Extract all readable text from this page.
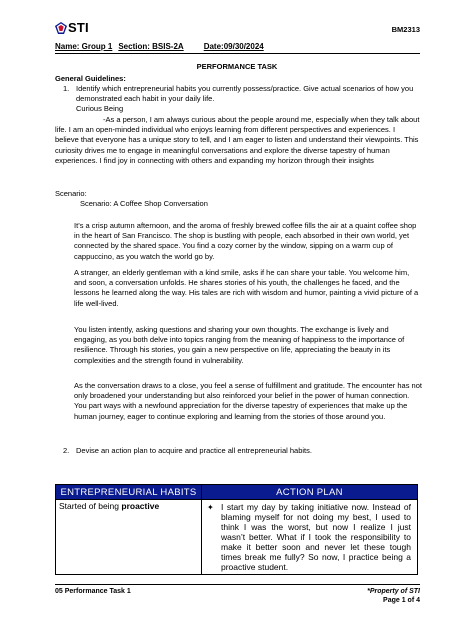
STI	BM2313
Name: Group 1 Section: BSIS-2A	Date:09/30/2024
PERFORMANCE TASK
General Guidelines:
1. Identify which entrepreneurial habits you currently possess/practice. Give actual scenarios of how you demonstrated each habit in your daily life.
Curious Being
-As a person, I am always curious about the people around me, especially when they talk about life. I am an open-minded individual who enjoys learning from different perspectives and experiences. I believe that everyone has a unique story to tell, and I am eager to listen and understand their viewpoints. This curiosity drives me to engage in meaningful conversations and explore the diverse tapestry of human experiences. I find joy in connecting with others and expanding my horizon through their insights
Scenario:
Scenario: A Coffee Shop Conversation
It’s a crisp autumn afternoon, and the aroma of freshly brewed coffee fills the air at a quaint coffee shop in the heart of San Francisco. The shop is bustling with people, each absorbed in their own world, yet connected by the shared space. You find a cozy corner by the window, sipping on a warm cup of cappuccino, as you watch the world go by.
A stranger, an elderly gentleman with a kind smile, asks if he can share your table. You welcome him, and soon, a conversation unfolds. He shares stories of his youth, the challenges he faced, and the lessons he learned along the way. His tales are rich with wisdom and humor, painting a vivid picture of a life well-lived.
You listen intently, asking questions and sharing your own thoughts. The exchange is lively and engaging, as you both delve into topics ranging from the meaning of happiness to the importance of resilience. Through his stories, you gain a new perspective on life, appreciating the beauty in its complexities and the strength found in vulnerability.
As the conversation draws to a close, you feel a sense of fulfillment and gratitude. The encounter has not only broadened your understanding but also reinforced your belief in the power of human connection. You part ways with a newfound appreciation for the diverse tapestry of experiences that make up the human journey, eager to continue exploring and learning from the stories of those around you.
2. Devise an action plan to acquire and practice all entrepreneurial habits.
ENTREPRENEURIAL HABITS	ACTION PLAN
Started of being proactive	✦ I start my day by taking initiative now. Instead of blaming myself for not doing my best, I used to think I was the worst, but now I realize I just wasn’t better. What if I took the responsibility to make it better soon and never let these tough times break me fully? So now, I practice being a proactive student.
05 Performance Task 1	*Property of STI
Page 1 of 4
